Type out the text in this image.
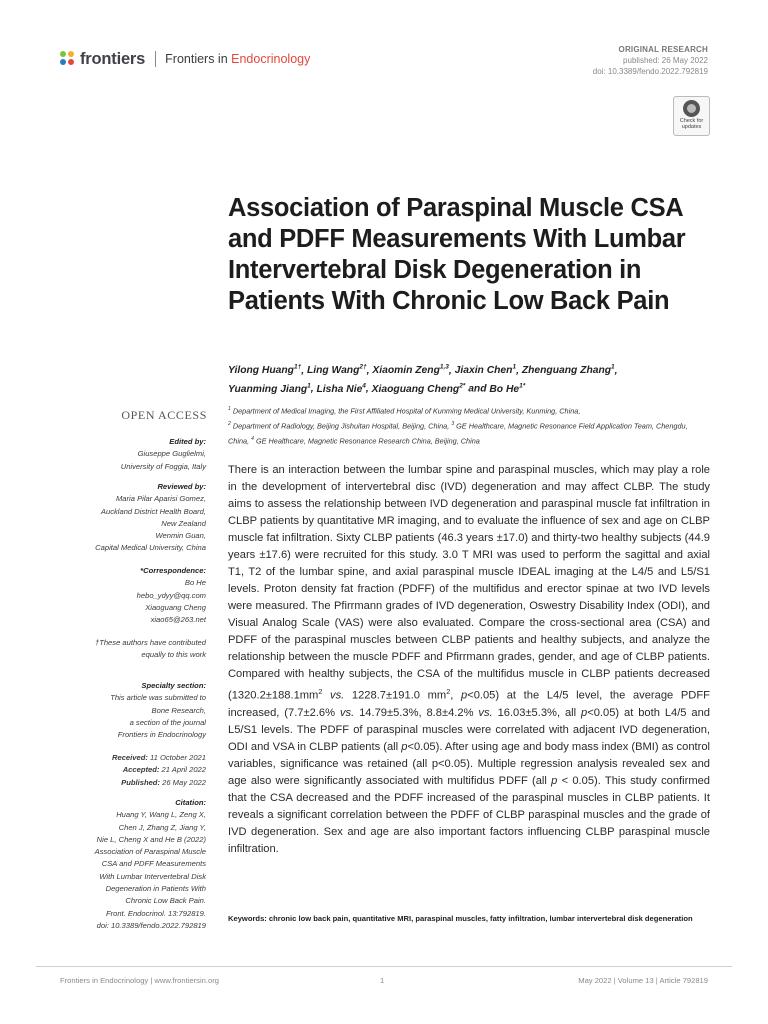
frontiers Frontiers in Endocrinology
ORIGINAL RESEARCH
published: 26 May 2022
doi: 10.3389/fendo.2022.792819
Check for updates
Association of Paraspinal Muscle CSA and PDFF Measurements With Lumbar Intervertebral Disk Degeneration in Patients With Chronic Low Back Pain
Yilong Huang$^{1\dagger}$, Ling Wang$^{2\dagger}$, Xiaomin Zeng$^{1,3}$, Jiaxin Chen$^1$, Zhenguang Zhang$^1$,
Yuanming Jiang$^1$, Lisha Nie$^4$, Xiaoguang Cheng$^{2*}$ and Bo $He^{1*}$
$^1$ Department of Medical Imaging, the First Affiliated Hospital of Kunming Medical University, Kunming, China,
$^2$ Department of Radiology, Beijing Jishuitan Hospital, Beijing, China, $^3$ GE Healthcare, Magnetic Resonance Field Application Team, Chengdu, China, $^4$ GE Healthcare, Magnetic Resonance Research China, Beijing, China
OPEN ACCESS
Edited by:
Giuseppe Guglielmi,
University of Foggia, Italy
Reviewed by:
Maria Pilar Aparisi Gomez,
Auckland District Health Board,
New Zealand
Wenmin Guan,
Capital Medical University, China
*Correspondence:
Bo He
hebo_ydyy@qq.com
Xiaoguang Cheng
xiao65@263.net
†These authors have contributed equally to this work
Specialty section:
This article was submitted to
Bone Research,
a section of the journal
Frontiers in Endocrinology
Received: 11 October 2021
Accepted: 21 April 2022
Published: 26 May 2022
Citation:
Huang Y, Wang L, Zeng X,
Chen J, Zhang Z, Jiang Y,
Nie L, Cheng X and He B (2022)
Association of Paraspinal Muscle
CSA and PDFF Measurements
With Lumbar Intervertebral Disk
Degeneration in Patients With
Chronic Low Back Pain.
Front. Endocrinol. 13:792819.
doi: 10.3389/fendo.2022.792819
There is an interaction between the lumbar spine and paraspinal muscles, which may play a role in the development of intervertebral disc (IVD) degeneration and may affect CLBP. The study aims to assess the relationship between IVD degeneration and paraspinal muscle fat infiltration in CLBP patients by quantitative MR imaging, and to evaluate the influence of sex and age on CLBP muscle fat infiltration. Sixty CLBP patients (46.3 years ±17.0) and thirty-two healthy subjects (44.9 years ±17.6) were recruited for this study. 3.0 T MRI was used to perform the sagittal and axial T1, T2 of the lumbar spine, and axial paraspinal muscle IDEAL imaging at the L4/5 and L5/S1 levels. Proton density fat fraction (PDFF) of the multifidus and erector spinae at two IVD levels were measured. The Pfirrmann grades of IVD degeneration, Oswestry Disability Index (ODI), and Visual Analog Scale (VAS) were also evaluated. Compare the cross-sectional area (CSA) and PDFF of the paraspinal muscles between CLBP patients and healthy subjects, and analyze the relationship between the muscle PDFF and Pfirrmann grades, gender, and age of CLBP patients. Compared with healthy subjects, the CSA of the multifidus muscle in CLBP patients decreased ($1320.2\pm 188.1mm^2$ vs. 1228.7±191.0 $mm^2$, p<0.05) at the L4/5 level, the average PDFF increased, (7.7±2.6% vs. 14.79±5.3%, 8.8±4.2% vs. 16.03±5.3%, all p<0.05) at both L4/5 and L5/S1 levels. The PDFF of paraspinal muscles were correlated with adjacent IVD degeneration, ODI and VSA in CLBP patients (all p<0.05). After using age and body mass index (BMI) as control variables, significance was retained (all p<0.05). Multiple regression analysis revealed sex and age also were significantly associated with multifidus PDFF (all p < 0.05). This study confirmed that the CSA decreased and the PDFF increased of the paraspinal muscles in CLBP patients. It reveals a significant correlation between the PDFF of CLBP paraspinal muscles and the grade of IVD degeneration. Sex and age are also important factors influencing CLBP paraspinal muscle infiltration.
Keywords: chronic low back pain, quantitative MRI, paraspinal muscles, fatty infiltration, lumbar intervertebral disk degeneration
Frontiers in Endocrinology | www.frontiersin.org	1	May 2022 | Volume 13 | Article 792819
